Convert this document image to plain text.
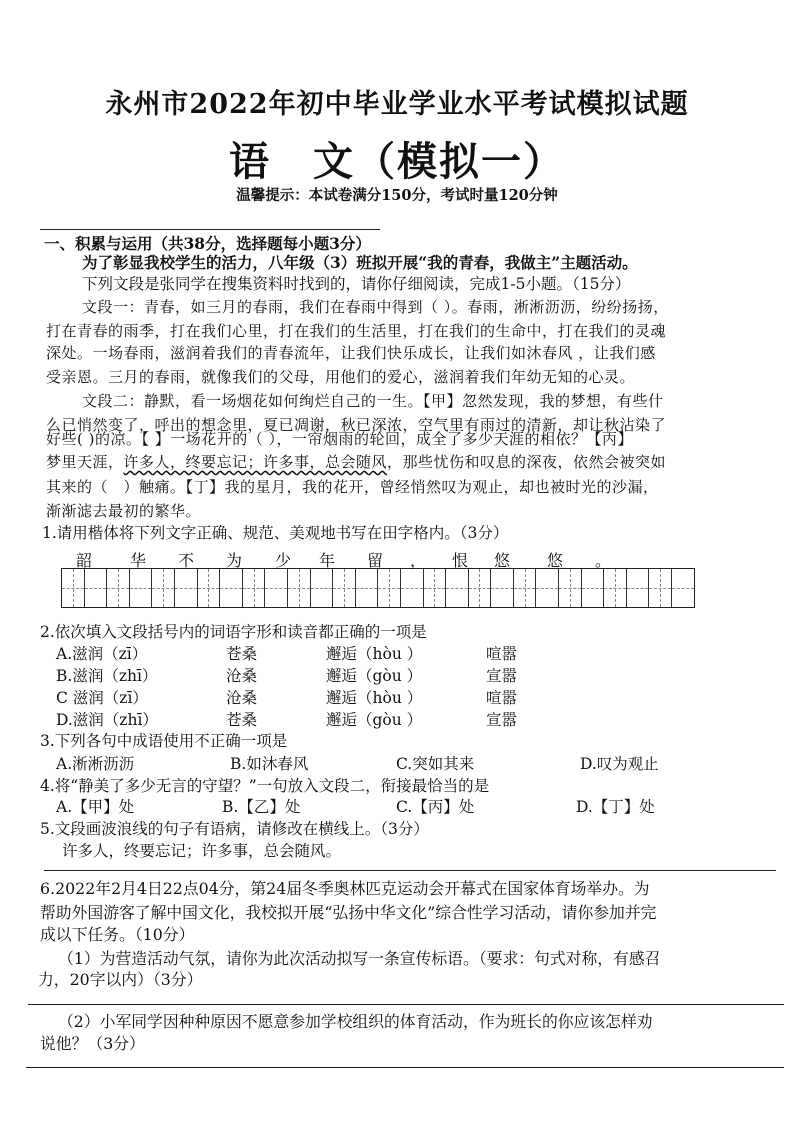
永州市2022年初中毕业学业水平考试模拟试题
语　文（模拟一）
温馨提示：本试卷满分150分，考试时量120分钟
一、积累与运用（共38分，选择题每小题3分）
为了彰显我校学生的活力，八年级（3）班拟开展“我的青春，我做主”主题活动。
下列文段是张同学在搜集资料时找到的，请你仔细阅读，完成1-5小题。（15分）
文段一：青春，如三月的春雨，我们在春雨中得到（ ）。春雨，淅淅沥沥，纷纷扬扬，
打在青春的雨季，打在我们心里，打在我们的生活里，打在我们的生命中，打在我们的灵魂
深处。一场春雨，滋润着我们的青春流年，让我们快乐成长，让我们如沐春风 ，让我们感
受亲恩。三月的春雨，就像我们的父母，用他们的爱心，滋润着我们年幼无知的心灵。
文段二：静默，看一场烟花如何绚烂自己的一生。【甲】忽然发现，我的梦想，有些什
么已悄然变了，呼出的想念里，夏已凋谢，秋已深浓，空气里有雨过的清新，却让秋沾染了
好些( )的凉。【 】一场花开的（ ），一帘烟雨的轮回，成全了多少天涯的相依？【丙】
梦里天涯，许多人，终要忘记；许多事，总会随风，那些忧伤和叹息的深夜，依然会被突如
其来的（　）触痛。【丁】我的星月，我的花开，曾经悄然叹为观止，却也被时光的沙漏，
渐渐滤去最初的繁华。
1.请用楷体将下列文字正确、规范、美观地书写在田字格内。（3分）
韶 华 不 为 少 年 留 ， 恨 悠 悠 。
2.依次填入文段括号内的词语字形和读音都正确的一项是
A.滋润（zī）	苍桑	邂逅（hòu ）	喧嚣
B.滋润（zhī）	沧桑	邂逅（gòu ）	宣嚣
C 滋润（zī）	沧桑	邂逅（hòu ）	喧嚣
D.滋润（zhī）	苍桑	邂逅（gòu ）	宣嚣
3.下列各句中成语使用不正确一项是
A.淅淅沥沥	B.如沐春风	C.突如其来	D.叹为观止
4.将“静美了多少无言的守望？”一句放入文段二，衔接最恰当的是
A.【甲】处	B.【乙】处	C.【丙】处	D.【丁】处
5.文段画波浪线的句子有语病，请修改在横线上。（3分）
许多人，终要忘记；许多事，总会随风。
6.2022年2月4日22点04分，第24届冬季奥林匹克运动会开幕式在国家体育场举办。为
帮助外国游客了解中国文化，我校拟开展“弘扬中华文化”综合性学习活动，请你参加并完
成以下任务。（10分）
（1）为营造活动气氛，请你为此次活动拟写一条宣传标语。（要求：句式对称，有感召
力，20字以内）（3分）
（2）小军同学因种种原因不愿意参加学校组织的体育活动，作为班长的你应该怎样劝
说他？（3分）
